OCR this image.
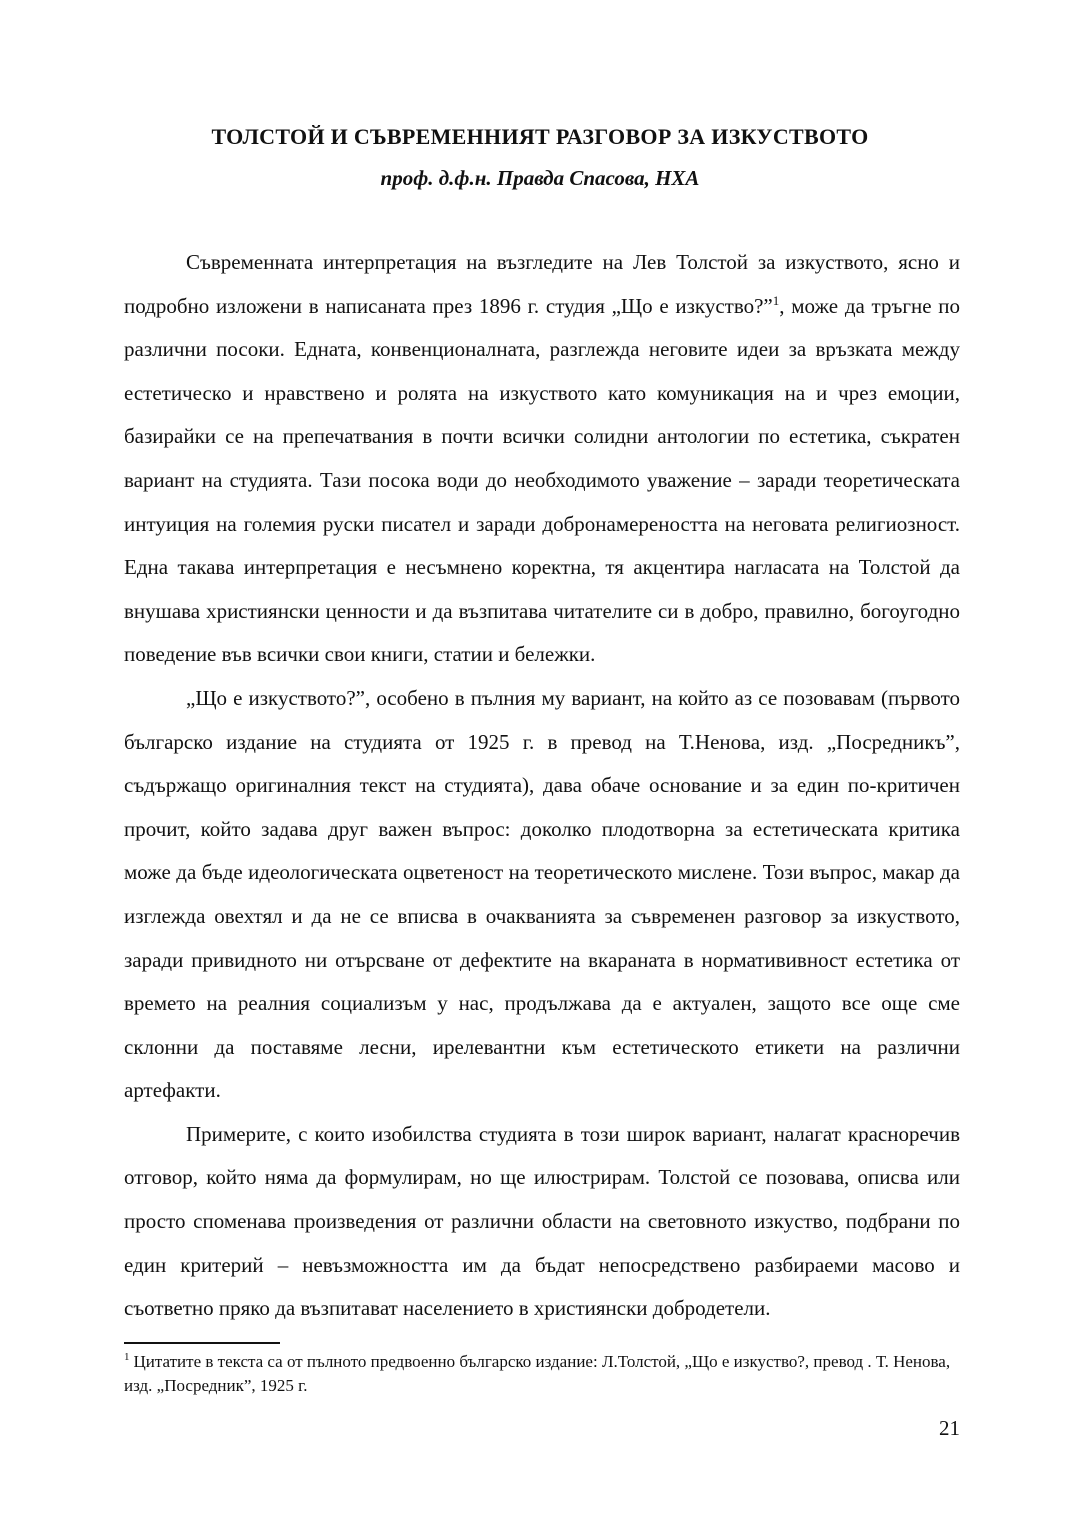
ТОЛСТОЙ И СЪВРЕМЕННИЯТ РАЗГОВОР ЗА ИЗКУСТВОТО
проф. д.ф.н. Правда Спасова, НХА

Съвременната интерпретация на възгледите на Лев Толстой за изкуството, ясно и подробно изложени в написаната през 1896 г. студия „Що е изкуство?”$^1$, може да тръгне по различни посоки. Едната, конвенционалната, разглежда неговите идеи за връзката между естетическо и нравствено и ролята на изкуството като комуникация на и чрез емоции, базирайки се на препечатвания в почти всички солидни антологии по естетика, съкратен вариант на студията. Тази посока води до необходимото уважение – заради теоретическата интуиция на големия руски писател и заради добронамереността на неговата религиозност. Една такава интерпретация е несъмнено коректна, тя акцентира нагласата на Толстой да внушава християнски ценности и да възпитава читателите си в добро, правилно, богоугодно поведение във всички свои книги, статии и бележки.

„Що е изкуството?”, особено в пълния му вариант, на който аз се позовавам (първото българско издание на студията от 1925 г. в превод на Т.Ненова, изд. „Посредникъ”, съдържащо оригиналния текст на студията), дава обаче основание и за един по-критичен прочит, който задава друг важен въпрос: доколко плодотворна за естетическата критика може да бъде идеологическата оцветеност на теоретическото мислене. Този въпрос, макар да изглежда овехтял и да не се вписва в очакванията за съвременен разговор за изкуството, заради привидното ни отърсване от дефектите на вкараната в норматививност естетика от времето на реалния социализъм у нас, продължава да е актуален, защото все още сме склонни да поставяме лесни, ирелевантни към естетическото етикети на различни артефакти.

Примерите, с които изобилства студията в този широк вариант, налагат красноречив отговор, който няма да формулирам, но ще илюстрирам. Толстой се позовава, описва или просто споменава произведения от различни области на световното изкуство, подбрани по един критерий – невъзможността им да бъдат непосредствено разбираеми масово и съответно пряко да възпитават населението в християнски добродетели.

$^1$ Цитатите в текста са от пълното предвоенно българско издание: Л.Толстой, „Що е изкуство?, превод . Т. Ненова, изд. „Посредник”, 1925 г.
21
